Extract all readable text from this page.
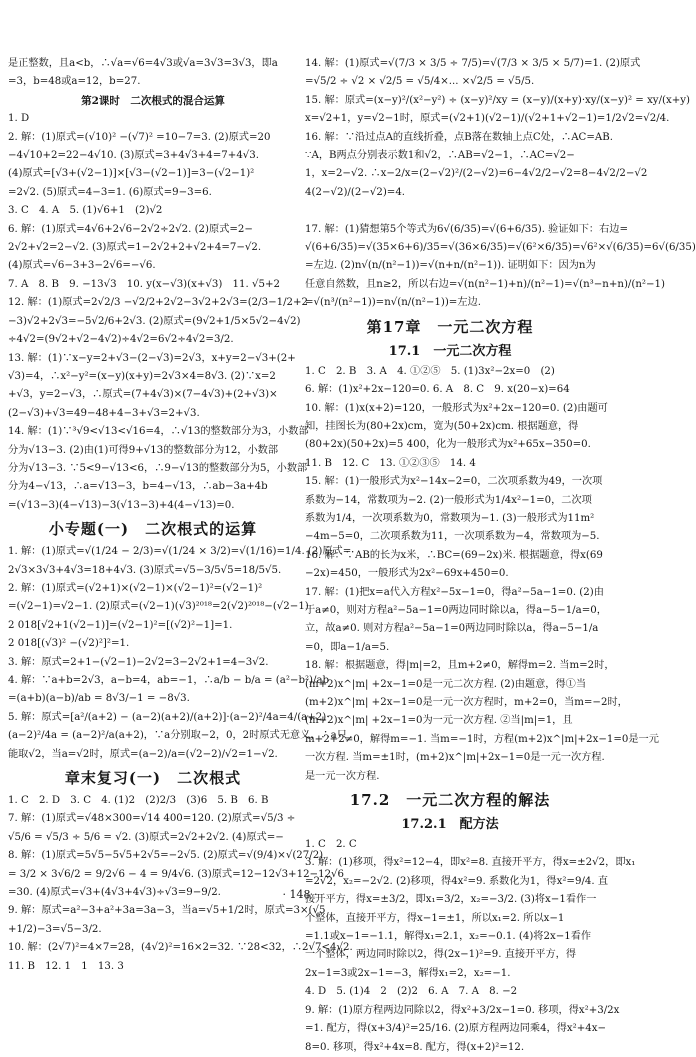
是正整数，且a<b，∴√a=√6=4√3或√a=3√3=3√3，即a
=3，b=48或a=12，b=27.
第2课时　二次根式的混合运算
1. D
2. 解：(1)原式=(√10)² −(√7)² =10−7=3. (2)原式=20
−4√10+2=22−4√10. (3)原式=3+4√3+4=7+4√3.
(4)原式=[√3+(√2−1)]×[√3−(√2−1)]=3−(√2−1)²
=2√2. (5)原式=4−3=1. (6)原式=9−3=6.
3. C　4. A　5. (1)√6+1　(2)√2
6. 解：(1)原式=4√6+2√6−2√2÷2√2. (2)原式=2−
2√2+√2=2−√2. (3)原式=1−2√2+2+√2+4=7−√2.
(4)原式=√6−3+3−2√6=−√6.
7. A　8. B　9. −13√3　10. y(x−√3)(x+√3)　11. √5+2
12. 解：(1)原式=2√2/3 −√2/2+2√2−3√2+2√3=(2/3−1/2+2
−3)√2+2√3=−5√2/6+2√3. (2)原式=(9√2+1/5×5√2−4√2)
÷4√2=(9√2+√2−4√2)÷4√2=6√2÷4√2=3/2.
13. 解：(1)∵x−y=2+√3−(2−√3)=2√3，x+y=2−√3+(2+
√3)=4，∴x²−y²=(x−y)(x+y)=2√3×4=8√3. (2)∵x=2
+√3，y=2−√3，∴原式=(7+4√3)×(7−4√3)+(2+√3)×
(2−√3)+√3=49−48+4−3+√3=2+√3.
14. 解：(1)∵³√9<√13<√16=4，∴√13的整数部分为3，小数部
分为√13−3. (2)由(1)可得9+√13的整数部分为12，小数部
分为√13−3. ∵5<9−√13<6，∴9−√13的整数部分为5，小数部
分为4−√13，∴a=√13−3，b=4−√13，∴ab−3a+4b
=(√13−3)(4−√13)−3(√13−3)+4(4−√13)=0.
小专题(一)　二次根式的运算
1. 解：(1)原式=√(1/24 − 2/3)=√(1/24 × 3/2)=√(1/16)=1/4. (2)原式=
2√3×3√3+4√3=18+4√3. (3)原式=√5−3/5√5=18/5√5.
2. 解：(1)原式=(√2+1)×(√2−1)×(√2−1)²=(√2−1)²
=(√2−1)=√2−1. (2)原式=(√2−1)(√3)²⁰¹⁸=2(√2)²⁰¹⁸−(√2−1)
2 018[√2+1(√2−1)]=(√2−1)²=[(√2)²−1]=1.
2 018[(√3)² −(√2)²]²=1.
3. 解：原式=2+1−(√2−1)−2√2=3−2√2+1=4−3√2.
4. 解：∵a+b=2√3，a−b=4，ab=−1，∴a/b − b/a = (a²−b²)/ab
=(a+b)(a−b)/ab = 8√3/−1 = −8√3.
5. 解：原式=[a²/(a+2) − (a−2)(a+2)/(a+2)]·(a−2)²/4a=4/(a+2)·
(a−2)²/4a = (a−2)²/a(a+2)，∵a分别取−2，0，2时原式无意义，∴a只
能取√2，当a=√2时，原式=(a−2)/a=(√2−2)/√2=1−√2.
章末复习(一)　二次根式
1. C　2. D　3. C　4. (1)2　(2)2/3　(3)6　5. B　6. B
7. 解：(1)原式=√48×300=√14 400=120. (2)原式=√5/3 ÷
√5/6 = √5/3 ÷ 5/6 = √2. (3)原式=2√2+2√2. (4)原式=−
8. 解：(1)原式=5√5−5√5+2√5=−2√5. (2)原式=√(9/4)×√(27/2)
= 3/2 × 3√6/2 = 9/2√6 − 4 = 9/4√6. (3)原式=12−12√3+12−12√6
=30. (4)原式=√3+(4√3+4√3)÷√3=9−9/2.
9. 解：原式=a²−3+a²+3a=3a−3，当a=√5+1/2时，原式=3×(√5
+1/2)−3=√5−3/2.
10. 解：(2√7)²=4×7=28，(4√2)²=16×2=32. ∵28<32，∴2√7<4√2.
11. B　12. 1　1　13. 3
14. 解：(1)原式=√(7/3 × 3/5 ÷ 7/5)=√(7/3 × 3/5 × 5/7)=1. (2)原式
=√5/2 ÷ √2 × √2/5 = √5/4×... ×√2/5 = √5/5.
15. 解：原式=(x−y)²/(x²−y²) ÷ (x−y)²/xy = (x−y)/(x+y)·xy/(x−y)² = xy/(x+y)
x=√2+1，y=√2−1时，原式=(√2+1)(√2−1)/(√2+1+√2−1)=1/2√2=√2/4.
16. 解：∵沿过点A的直线折叠，点B落在数轴上点C处，∴AC=AB.
∵A，B两点分别表示数1和√2，∴AB=√2−1，∴AC=√2−
1，x=2−√2. ∴x−2/x=(2−√2)²/(2−√2)=6−4√2/2−√2=8−4√2/2−√2
4(2−√2)/(2−√2)=4.

17. 解：(1)猜想第5个等式为6√(6/35)=√(6+6/35). 验证如下：右边=
√(6+6/35)=√(35×6+6)/35=√(36×6/35)=√(6²×6/35)=√6²×√(6/35)=6√(6/35)
=左边. (2)n√(n/(n²−1))=√(n+n/(n²−1)). 证明如下：因为n为
任意自然数，且n≥2，所以右边=√(n(n²−1)+n)/(n²−1)=√(n³−n+n)/(n²−1)
=√(n³/(n²−1))=n√(n/(n²−1))=左边.
第17章　一元二次方程
17.1　一元二次方程
1. C　2. B　3. A　4. ①②⑤　5. (1)3x²−2x=0　(2)
6. 解：(1)x²+2x−120=0. 6. A　8. C　9. x(20−x)=64
10. 解：(1)x(x+2)=120，一般形式为x²+2x−120=0. (2)由题可
知，挂图长为(80+2x)cm，宽为(50+2x)cm. 根据题意，得
(80+2x)(50+2x)=5 400，化为一般形式为x²+65x−350=0.
11. B　12. C　13. ①②③⑤　14. 4
15. 解：(1)一般形式为x²−14x−2=0，二次项系数为49，一次项
系数为−14，常数项为−2. (2)一般形式为1/4x²−1=0，二次项
系数为1/4，一次项系数为0，常数项为−1. (3)一般形式为11m²
−4m−5=0，二次项系数为11，一次项系数为−4，常数项为−5.
16. 解：∵AB的长为x米，∴BC=(69−2x)米. 根据题意，得x(69
−2x)=450，一般形式为2x²−69x+450=0.
17. 解：(1)把x=a代入方程x²−5x−1=0，得a²−5a−1=0. (2)由
于a≠0，则对方程a²−5a−1=0两边同时除以a，得a−5−1/a=0，
立，故a≠0. 则对方程a²−5a−1=0两边同时除以a，得a−5−1/a
=0，即a−1/a=5.
18. 解：根据题意，得|m|=2，且m+2≠0，解得m=2. 当m=2时，
(m+2)x^|m| +2x−1=0是一元二次方程. (2)由题意，得①当
(m+2)x^|m| +2x−1=0是一元一次方程时，m+2=0，当m=−2时，
(m+2)x^|m| +2x−1=0为一元一次方程. ②当|m|=1，且
m+2+2≠0，解得m=−1. 当m=−1时，方程(m+2)x^|m|+2x−1=0是一元
一次方程. 当m=±1时，(m+2)x^|m|+2x−1=0是一元一次方程.
是一元一次方程.
17.2　一元二次方程的解法
17.2.1　配方法
1. C　2. C
3. 解：(1)移项，得x²=12−4，即x²=8. 直接开平方，得x=±2√2，即x₁
=2√2，x₂=−2√2. (2)移项，得4x²=9. 系数化为1，得x²=9/4. 直
接开平方，得x=±3/2，即x₁=3/2，x₂=−3/2. (3)将x−1看作一
个整体，直接开平方，得x−1=±1，所以x₁=2. 所以x−1
=1.1或x−1=−1.1，解得x₁=2.1，x₂=−0.1. (4)将2x−1看作
一个整体，两边同时除以2，得(2x−1)²=9. 直接开平方，得
2x−1=3或2x−1=−3，解得x₁=2，x₂=−1.
4. D　5. (1)4　2　(2)2　6. A　7. A　8. −2
9. 解：(1)原方程两边同除以2，得x²+3/2x−1=0. 移项，得x²+3/2x
=1. 配方，得(x+3/4)²=25/16. (2)原方程两边同乘4，得x²+4x−
8=0. 移项，得x²+4x=8. 配方，得(x+2)²=12.
· 148 ·
